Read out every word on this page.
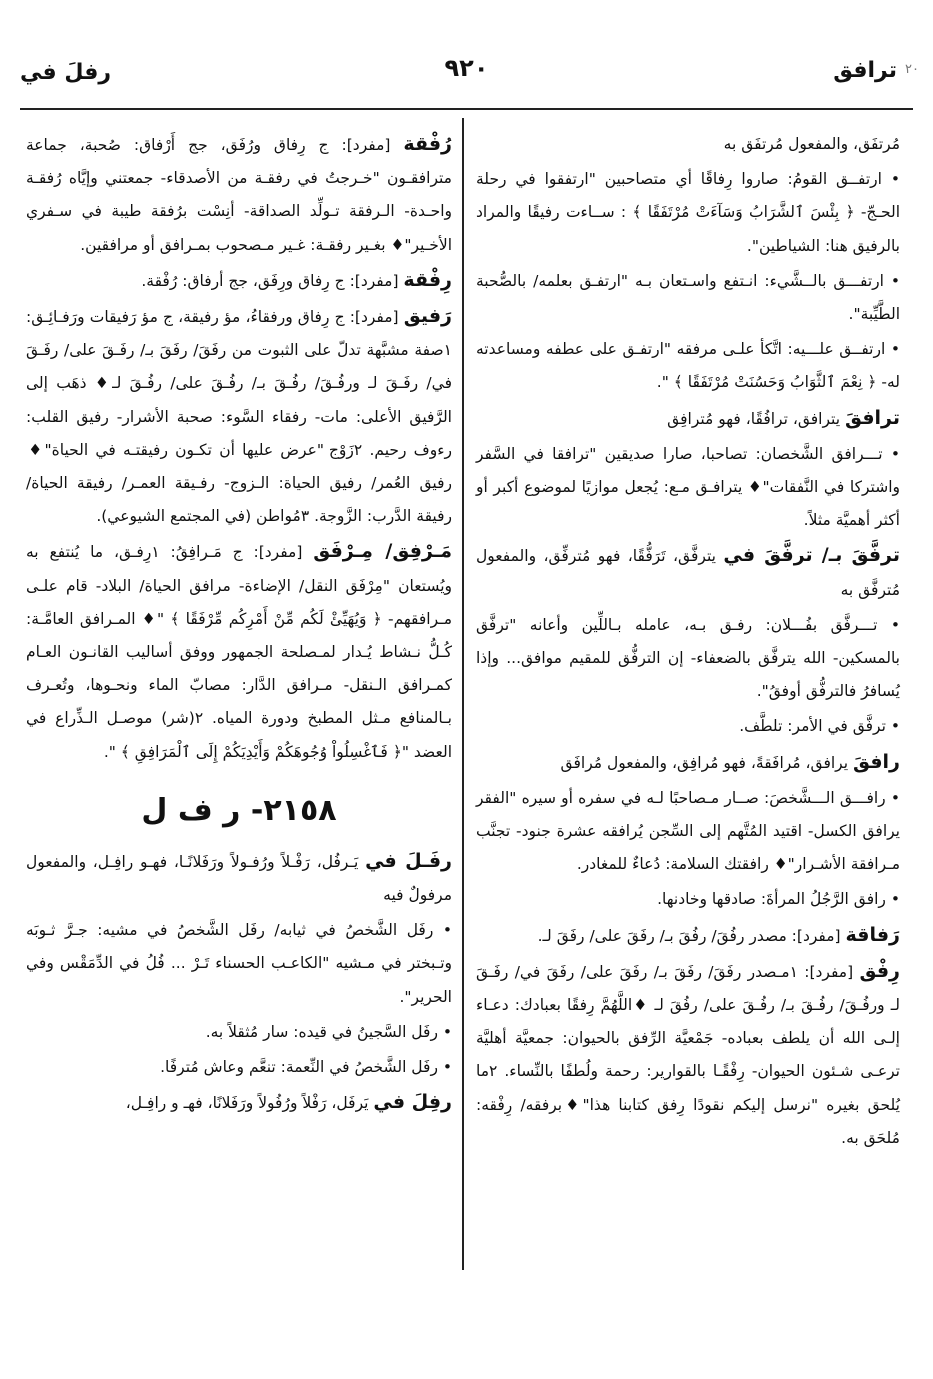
ترافق
٩٢٠
رفلَ في	٢٠
مُرتفَق، والمفعول مُرتفَق به
• ارتفــق القومُ: صاروا رِفاقًا أي متصاحبين "ارتفقوا في رحلة الحـجّ- ﴿ بِئْسَ ٱلشَّرَابُ وَسَآءَتْ مُرْتَفَقًا ﴾ : ســاءت رفيقًا والمراد بالرفيق هنا: الشياطين".
• ارتفـــق بالــشَّيء: انـتفع واسـتعان بـه "ارتفـق بعلمه/ بالصُّحبة الطَّيِّبة".
• ارتفــق علـــيه: اتَّكأ علـى مرفقه "ارتفـق على عطفه ومساعدته له- ﴿ نِعْمَ ٱلثَّوَابُ وَحَسُنَتْ مُرْتَفَقًا ﴾ ".
ترافقَ يترافق، ترافُقًا، فهو مُترافِق
• تـــرافق الشَّخصان: تصاحبا، صارا صديقين "ترافقا في السَّفر واشتركا في النَّفقات"♦ يترافـق مـع: يُجعل موازيًا لموضوع أكبر أو أكثر أهميَّة مثلاً.
ترفَّقَ بـ/ ترفَّقَ في يترفَّق، تَرَفُّقًا، فهو مُترفِّق، والمفعول مُترفَّق به
• تـــرفَّق بفُـــلان: رفـق بـه، عامله بـاللِّين وأعانه "ترفَّق بالمسكين- الله يترفَّق بالضعفاء- إن الترفُّق للمقيم موافق... وإذا يُسافرُ فالترفُّق أوفقُ".
• ترفَّق في الأمر: تلطَّف.
رافقَ يرافق، مُرافَقةً، فهو مُرافِق، والمفعول مُرافَق
• رافـــق الـــشَّخصَ: صــار مـصاحبًا لـه في سفره أو سيره "الفقر يرافق الكسل- اقتيد المُتَّهم إلى السِّجن يُرافقه عشرة جنود- تجنَّب مـرافقة الأشـرار"♦ رافقتك السلامة: دُعاءٌ للمغادر.
• رافق الرَّجُلُ المرأةَ: صادقها وخادنها.
رَفاقة [مفرد]: مصدر رفُقَ/ رفُقَ بـ/ رفَقَ على/ رفَقَ لـ.
رِفْق [مفرد]: ١مـصدر رفَقَ/ رفَقَ بـ/ رفَقَ على/ رفَقَ في/ رفَـقَ لـ ورفُـقَ/ رفُـقَ بـ/ رفُـقَ على/ رفُقَ لـ ♦اللَّهُمَّ رِفقًا بعبادك: دعـاء إلـى الله أن يلطف بعباده- جَمْعيَّة الرِّفق بالحيوان: جمعيَّة أهليَّة ترعـى شـئون الحيوان- رِفْقًـا بالقوارير: رحمة ولُطفًا بالنِّساء. ٢ما يُلحق بغيره "نرسل إليكم نقودًا رِفق كتابنا هذا"♦برفقه/ رِفْقه: مُلحَق به.
رُفْقة [مفرد]: ج رِفاق ورُفَق، جج أَرْفاق: صُحبة، جماعة مترافقـون "خـرجتُ في رفقـة من الأصدقاء- جمعتني وإيَّاه رُفقـة واحـدة- الـرفقة تـولِّد الصداقة- أنِسْت برُفقة طيبة في سـفري الأخـير"♦ بغـير رفقـة: غـير مـصحوب بمـرافق أو مرافقين.
رِفْقة [مفرد]: ج رِفاق ورِفَق، جج أرفاق: رُفْقة.
رَفيق [مفرد]: ج رِفاق ورفقاءُ، مؤ رفيقة، ج مؤ رَفيقات ورَفـائِـق: ١صفة مشبَّهة تدلّ على الثبوت من رفَقَ/ رفَقَ بـ/ رفَـقَ على/ رفَـقَ في/ رفَـقَ لـ ورفُـقَ/ رفُـقَ بـ/ رفُـقَ على/ رفُـقَ لـ♦ ذهَب إلى الرَّفيق الأعلى: مات- رفقاء السَّوء: صحبة الأشرار- رفيق القلب: رءوف رحيم. ٢زَوْج "عرض عليها أن تكـون رفيقتـه في الحياة"♦ رفيق العُمر/ رفيق الحياة: الـزوج- رفـيقة العمـر/ رفيقة الحياة/ رفيقة الدَّرب: الزَّوجة. ٣مُواطن (في المجتمع الشيوعي).
مَـرْفِق/ مِـرْفَق [مفرد]: ج مَـرافِقُ: ١رِفـق، ما يُنتفع به ويُستعان "مِرْفَق النقل/ الإضاءة- مرافق الحياة/ البلاد- قام علـى مـرافقهم- ﴿ وَيُهَيِّئْ لَكُم مِّنْ أَمْرِكُم مِّرْفَقًا ﴾ "♦ المـرافق العامَّـة: كُـلُّ نـشاط يُـدار لمـصلحة الجمهور ووفق أساليب القانـون العـام كمـرافق الـنقل- مـرافق الدَّار: مصابّ الماء ونحـوها، وتُعـرف بـالمنافع مـثل المطبخ ودورة المياه. ٢(شر) موصـل الـذِّراع في العضد "﴿ فَٱغْسِلُواْ وُجُوهَكُمْ وَأَيْدِيَكُمْ إِلَى ٱلْمَرَافِقِ ﴾ ".
٢١٥٨- ر ف ل
رفَـلَ في يَـرفُل، رَفْـلاً ورُفـولاً ورَفَلانًـا، فهـو رافِـل، والمفعول مرفولٌ فيه
• رفَل الشَّخصُ في ثيابه/ رفَل الشَّخصُ في مشيه: جـرَّ ثـوبَه وتـبختر في مـشيه "الكاعـب الحسناء تَـرْ ... فُلُ في الدِّمَقْس وفي الحرير".
• رفَل السَّجينُ في قيده: سار مُثقلاً به.
• رفَل الشَّخصُ في النِّعمة: تنعَّم وعاش مُترفًا.
رفِلَ في يَرفَل، رَفْلاً ورُفُولاً ورَفَلانًا، فهـ و رافِـل،
